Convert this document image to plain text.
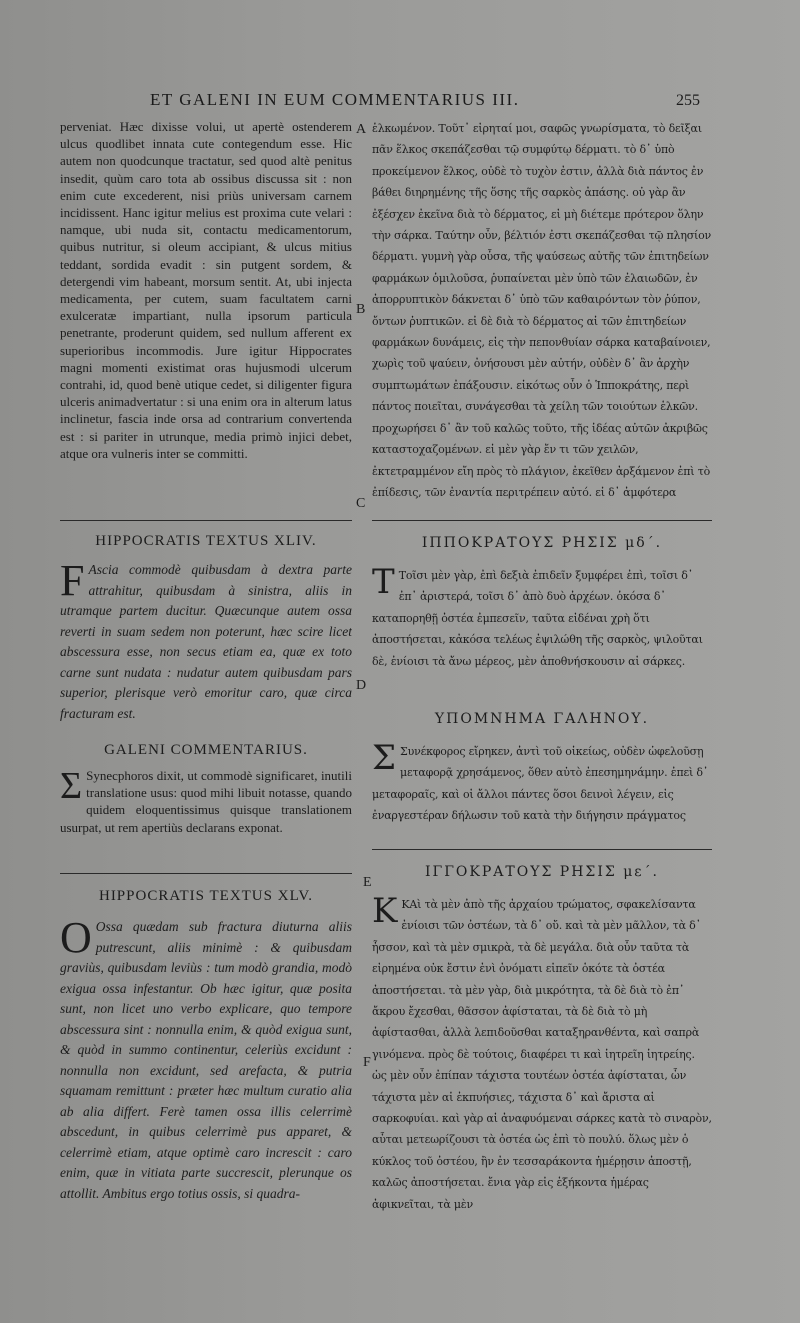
ET GALENI IN EUM COMMENTARIUS III.	255
A
B
C
D
E
F

perveniat. Hæc dixisse volui, ut apertè ostenderem ulcus quodlibet innata cute contegendum esse. Hic autem non quodcunque tractatur, sed quod altè penitus insedit, quùm caro tota ab ossibus discussa sit : non enim cute excederent, nisi priùs universam carnem incidissent. Hanc igitur melius est proxima cute velari : namque, ubi nuda sit, contactu medicamentorum, quibus nutritur, si oleum accipiant, & ulcus mitius teddant, sordida evadit : sin putgent sordem, & detergendi vim habeant, morsum sentit. At, ubi injecta medicamenta, per cutem, suam facultatem carni exulceratæ impartiant, nulla ipsorum particula penetrante, proderunt quidem, sed nullum afferent ex superioribus incommodis. Jure igitur Hippocrates magni momenti existimat oras hujusmodi ulcerum contrahi, id, quod benè utique cedet, si diligenter figura ulceris animadvertatur : si una enim ora in alterum latus inclinetur, fascia inde orsa ad contrarium convertenda est : si pariter in utrunque, media primò injici debet, atque ora vulneris inter se committi.

HIPPOCRATIS TEXTUS XLIV.

F Ascia commodè quibusdam à dextra parte attrahitur, quibusdam à sinistra, aliis in utramque partem ducitur. Quæcunque autem ossa reverti in suam sedem non poterunt, hæc scire licet abscessura esse, non secus etiam ea, quæ ex toto carne sunt nudata : nudatur autem quibusdam pars superior, plerisque verò emoritur caro, quæ circa fracturam est.

GALENI COMMENTARIUS.

Σ Synecphoros dixit, ut commodè significaret, inutili translatione usus: quod mihi libuit notasse, quando quidem eloquentissimus quisque translationem usurpat, ut rem apertiùs declarans exponat.

HIPPOCRATIS TEXTUS XLV.

O Ossa quædam sub fractura diuturna aliis putrescunt, aliis minimè : & quibusdam graviùs, quibusdam leviùs : tum modò grandia, modò exigua ossa infestantur. Ob hæc igitur, quæ posita sunt, non licet uno verbo explicare, quo tempore abscessura sint : nonnulla enim, & quòd exigua sunt, & quòd in summo continentur, celeriùs excidunt : nonnulla non excidunt, sed arefacta, & putria squamam remittunt : præter hæc multum curatio alia ab alia differt. Ferè tamen ossa illis celerrimè abscedunt, in quibus celerrimè pus apparet, & celerrimè etiam, atque optimè caro increscit : caro enim, quæ in vitiata parte succrescit, plerunque os attollit. Ambitus ergo totius ossis, si quadra-

ἑλκωμένον. Τοῦτ᾽ εἰρηταί μοι, σαφῶς γνωρίσματα, τὸ δεῖξαι πᾶν ἕλκος σκεπάζεσθαι τῷ συμφύτῳ δέρματι. τὸ δ᾽ ὑπὸ προκείμενον ἕλκος, οὐδὲ τὸ τυχὸν ἐστιν, ἀλλὰ διὰ πάντος ἐν βάθει διηρημένης τῆς ὅσης τῆς σαρκὸς ἀπάσης. οὐ γὰρ ἂν ἐξέσχεν ἐκεῖνα διὰ τὸ δέρματος, εἰ μὴ διέτεμε πρότερον ὅλην τὴν σάρκα. Ταύτην οὖν, βέλτιόν ἐστι σκεπάζεσθαι τῷ πλησίον δέρματι. γυμνὴ γὰρ οὖσα, τῆς ψαύσεως αὐτῆς τῶν ἐπιτηδείων φαρμάκων ὁμιλοῦσα, ῥυπαίνεται μὲν ὑπὸ τῶν ἐλαιωδῶν, ἐν ἀπορρυπτικὸν δάκνεται δ᾽ ὑπὸ τῶν καθαιρόντων τὸν ῥύπον, ὄντων ῥυπτικῶν. εἰ δὲ διὰ τὸ δέρματος αἱ τῶν ἐπιτηδείων φαρμάκων δυνάμεις, εἰς τὴν πεπονθυίαν σάρκα καταβαίνοιεν, χωρὶς τοῦ ψαύειν, ὀνήσουσι μὲν αὐτήν, οὐδὲν δ᾽ ἂν ἀρχὴν συμπτωμάτων ἐπάξουσιν. εἰκότως οὖν ὁ Ἱπποκράτης, περὶ πάντος ποιεῖται, συνάγεσθαι τὰ χείλη τῶν τοιούτων ἑλκῶν. προχωρήσει δ᾽ ἂν τοῦ καλῶς τοῦτο, τῆς ἰδέας αὐτῶν ἀκριβῶς καταστοχαζομένων. εἰ μὲν γὰρ ἔν τι τῶν χειλῶν, ἐκτετραμμένον εἴη πρὸς τὸ πλάγιον, ἐκεῖθεν ἀρξάμενον ἐπὶ τὸ ἐπίδεσις, τῶν ἐναντία περιτρέπειν αὐτό. εἰ δ᾽ ἀμφότερα

ΙΠΠΟΚΡΑΤΟΥΣ ΡΗΣΙΣ μδ΄.

Τ Τοῖσι μὲν γὰρ, ἐπὶ δεξιὰ ἐπιδεῖν ξυμφέρει ἐπὶ, τοῖσι δ᾽ ἐπ᾽ ἀριστερά, τοῖσι δ᾽ ἀπὸ δυὸ ἀρχέων. ὁκόσα δ᾽ καταπορηθῇ ὀστέα ἐμπεσεῖν, ταῦτα εἰδέναι χρὴ ὅτι ἀποστήσεται, κἀκόσα τελέως ἐψιλώθη τῆς σαρκὸς, ψιλοῦται δὲ, ἐνίοισι τὰ ἄνω μέρεος, μὲν ἀποθνήσκουσιν αἱ σάρκες.

ΥΠΟΜΝΗΜΑ ΓΑΛΗΝΟΥ.

Σ Συνέκφορος εἴρηκεν, ἀντὶ τοῦ οἰκείως, οὐδὲν ὠφελοῦσῃ μεταφορᾷ χρησάμενος, ὅθεν αὐτὸ ἐπεσημηνάμην. ἐπεὶ δ᾽ μεταφοραῖς, καὶ οἱ ἄλλοι πάντες ὅσοι δεινοὶ λέγειν, εἰς ἐναργεστέραν δήλωσιν τοῦ κατὰ τὴν διήγησιν πράγματος

ΙΓΓΟΚΡΑΤΟΥΣ ΡΗΣΙΣ με΄.

Κ ΚΑὶ τὰ μὲν ἀπὸ τῆς ἀρχαίου τρώματος, σφακελίσαντα ἐνίοισι τῶν ὀστέων, τὰ δ᾽ οὔ. καὶ τὰ μὲν μᾶλλον, τὰ δ᾽ ἧσσον, καὶ τὰ μὲν σμικρὰ, τὰ δὲ μεγάλα. διὰ οὖν ταῦτα τὰ εἰρημένα οὐκ ἔστιν ἐνὶ ὀνόματι εἰπεῖν ὁκότε τὰ ὀστέα ἀποστήσεται. τὰ μὲν γὰρ, διὰ μικρότητα, τὰ δὲ διὰ τὸ ἐπ᾽ ἄκρου ἔχεσθαι, θᾶσσον ἀφίσταται, τὰ δὲ διὰ τὸ μὴ ἀφίστασθαι, ἀλλὰ λεπιδοῦσθαι καταξηρανθέντα, καὶ σαπρὰ γινόμενα. πρὸς δὲ τούτοις, διαφέρει τι καὶ ἰητρεῖη ἰητρείης. ὡς μὲν οὖν ἐπίπαν τάχιστα τουτέων ὀστέα ἀφίσταται, ὧν τάχιστα μὲν αἱ ἐκπυήσιες, τάχιστα δ᾽ καὶ ἄριστα αἱ σαρκοφυίαι. καὶ γὰρ αἱ ἀναφυόμεναι σάρκες κατὰ τὸ σιναρὸν, αὗται μετεωρίζουσι τὰ ὀστέα ὡς ἐπὶ τὸ πουλύ. ὅλως μὲν ὁ κύκλος τοῦ ὀστέου, ἢν ἐν τεσσαράκοντα ἡμέρῃσιν ἀποστῇ, καλῶς ἀποστήσεται. ἔνια γὰρ εἰς ἑξήκοντα ἡμέρας ἀφικνεῖται, τὰ μὲν
